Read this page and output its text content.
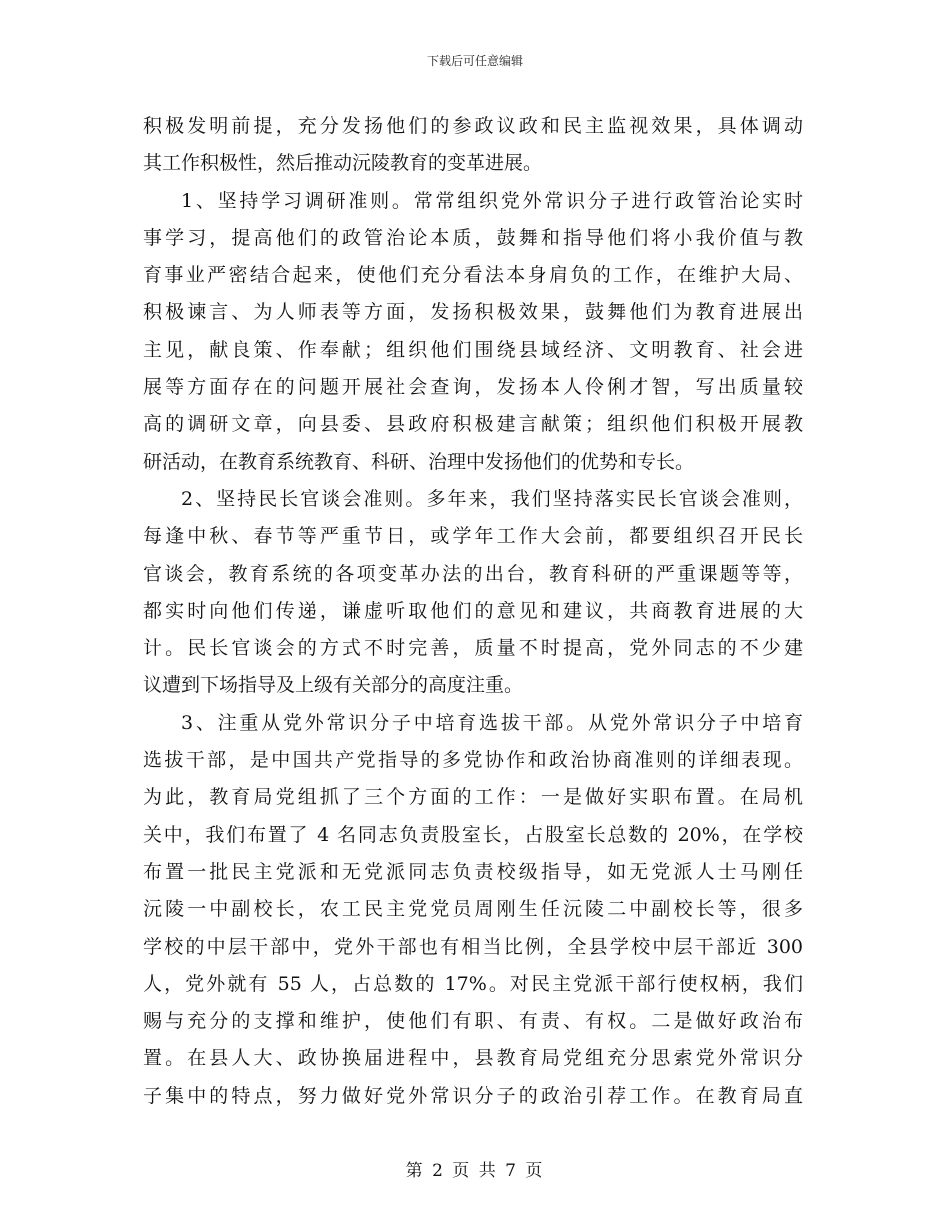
下载后可任意编辑
积极发明前提，充分发扬他们的参政议政和民主监视效果，具体调动
其工作积极性，然后推动沅陵教育的变革进展。
1、坚持学习调研准则。常常组织党外常识分子进行政管治论实时
事学习，提高他们的政管治论本质，鼓舞和指导他们将小我价值与教
育事业严密结合起来，使他们充分看法本身肩负的工作，在维护大局、
积极谏言、为人师表等方面，发扬积极效果，鼓舞他们为教育进展出
主见，献良策、作奉献；组织他们围绕县域经济、文明教育、社会进
展等方面存在的问题开展社会查询，发扬本人伶俐才智，写出质量较
高的调研文章，向县委、县政府积极建言献策；组织他们积极开展教
研活动，在教育系统教育、科研、治理中发扬他们的优势和专长。
2、坚持民长官谈会准则。多年来，我们坚持落实民长官谈会准则，
每逢中秋、春节等严重节日，或学年工作大会前，都要组织召开民长
官谈会，教育系统的各项变革办法的出台，教育科研的严重课题等等，
都实时向他们传递，谦虚听取他们的意见和建议，共商教育进展的大
计。民长官谈会的方式不时完善，质量不时提高，党外同志的不少建
议遭到下场指导及上级有关部分的高度注重。
3、注重从党外常识分子中培育选拔干部。从党外常识分子中培育
选拔干部，是中国共产党指导的多党协作和政治协商准则的详细表现。
为此，教育局党组抓了三个方面的工作：一是做好实职布置。在局机
关中，我们布置了 4 名同志负责股室长，占股室长总数的 20%，在学校
布置一批民主党派和无党派同志负责校级指导，如无党派人士马刚任
沅陵一中副校长，农工民主党党员周刚生任沅陵二中副校长等，很多
学校的中层干部中，党外干部也有相当比例，全县学校中层干部近 300
人，党外就有 55 人，占总数的 17%。对民主党派干部行使权柄，我们
赐与充分的支撑和维护，使他们有职、有责、有权。二是做好政治布
置。在县人大、政协换届进程中，县教育局党组充分思索党外常识分
子集中的特点，努力做好党外常识分子的政治引荐工作。在教育局直
第 2 页 共 7 页
